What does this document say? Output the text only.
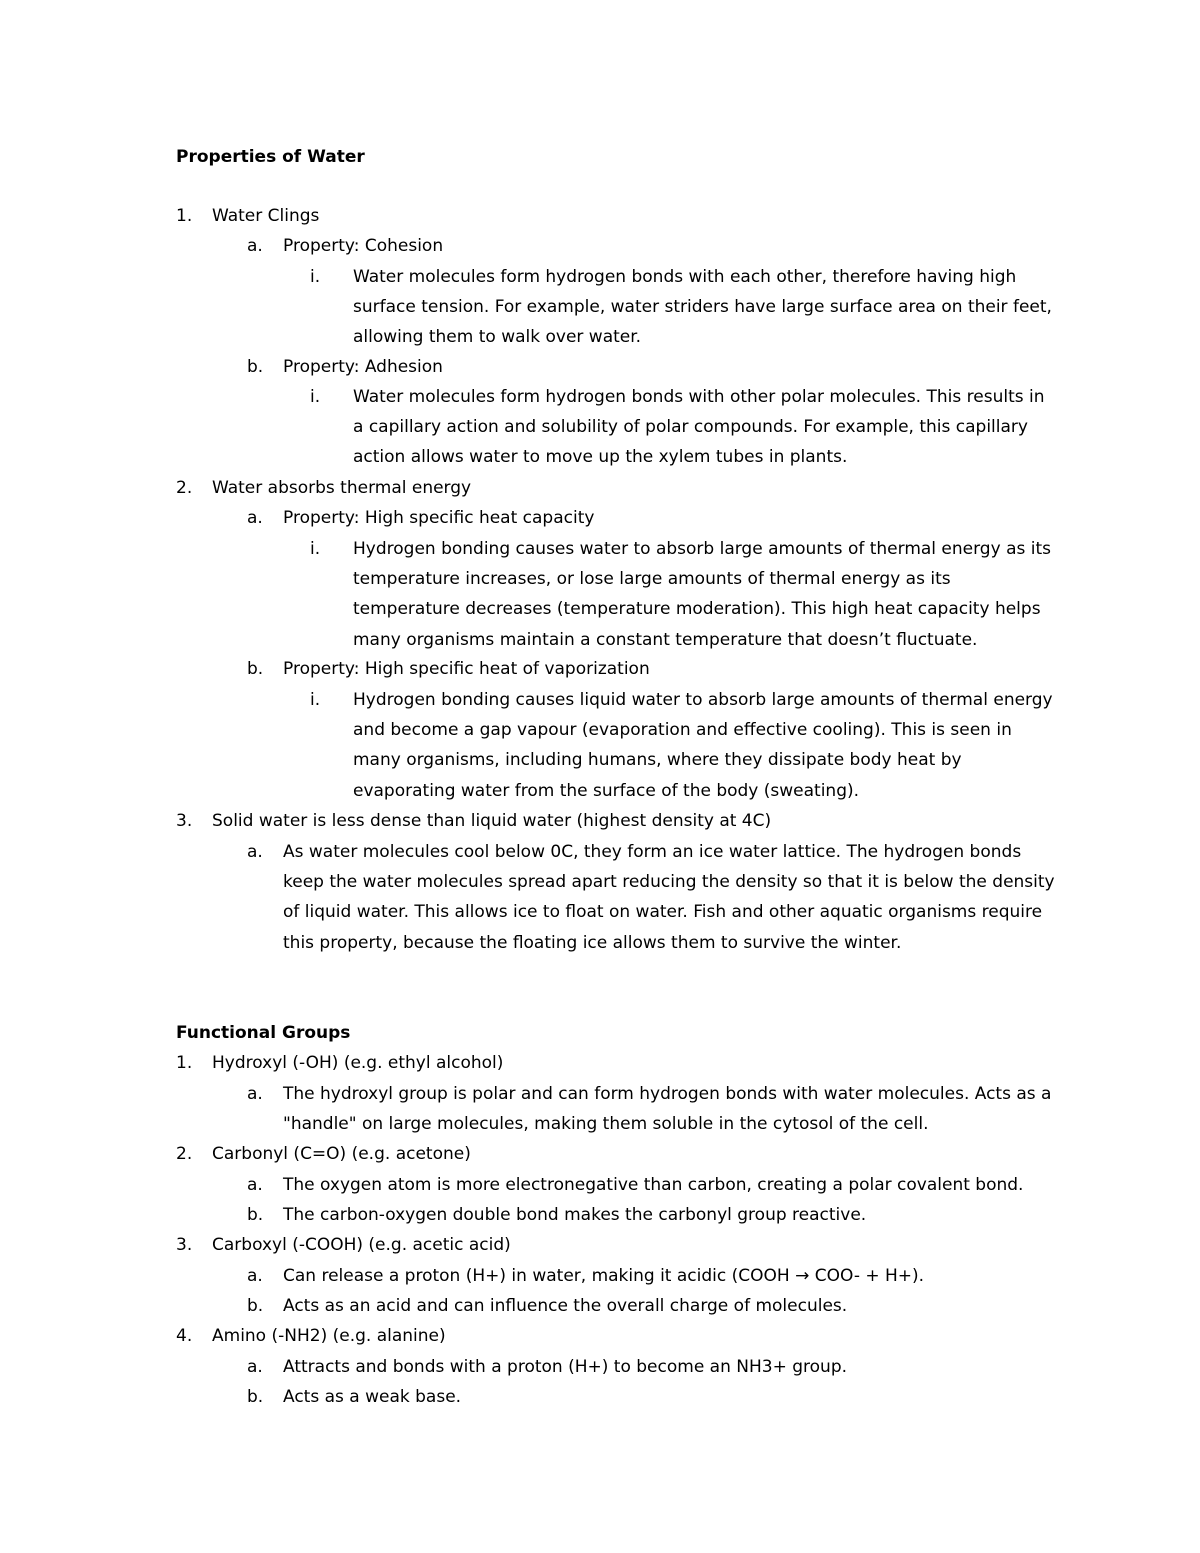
Properties of Water
1. Water Clings
a. Property: Cohesion
i. Water molecules form hydrogen bonds with each other, therefore having high surface tension. For example, water striders have large surface area on their feet, allowing them to walk over water.
b. Property: Adhesion
i. Water molecules form hydrogen bonds with other polar molecules. This results in a capillary action and solubility of polar compounds. For example, this capillary action allows water to move up the xylem tubes in plants.
2. Water absorbs thermal energy
a. Property: High specific heat capacity
i. Hydrogen bonding causes water to absorb large amounts of thermal energy as its temperature increases, or lose large amounts of thermal energy as its temperature decreases (temperature moderation). This high heat capacity helps many organisms maintain a constant temperature that doesn’t fluctuate.
b. Property: High specific heat of vaporization
i. Hydrogen bonding causes liquid water to absorb large amounts of thermal energy and become a gap vapour (evaporation and effective cooling). This is seen in many organisms, including humans, where they dissipate body heat by evaporating water from the surface of the body (sweating).
3. Solid water is less dense than liquid water (highest density at 4C)
a. As water molecules cool below 0C, they form an ice water lattice. The hydrogen bonds keep the water molecules spread apart reducing the density so that it is below the density of liquid water. This allows ice to float on water. Fish and other aquatic organisms require this property, because the floating ice allows them to survive the winter.
Functional Groups
1. Hydroxyl (-OH) (e.g. ethyl alcohol)
a. The hydroxyl group is polar and can form hydrogen bonds with water molecules. Acts as a "handle" on large molecules, making them soluble in the cytosol of the cell.
2. Carbonyl (C=O) (e.g. acetone)
a. The oxygen atom is more electronegative than carbon, creating a polar covalent bond.
b. The carbon-oxygen double bond makes the carbonyl group reactive.
3. Carboxyl (-COOH) (e.g. acetic acid)
a. Can release a proton (H+) in water, making it acidic (COOH → COO- + H+).
b. Acts as an acid and can influence the overall charge of molecules.
4. Amino (-NH2) (e.g. alanine)
a. Attracts and bonds with a proton (H+) to become an NH3+ group.
b. Acts as a weak base.
